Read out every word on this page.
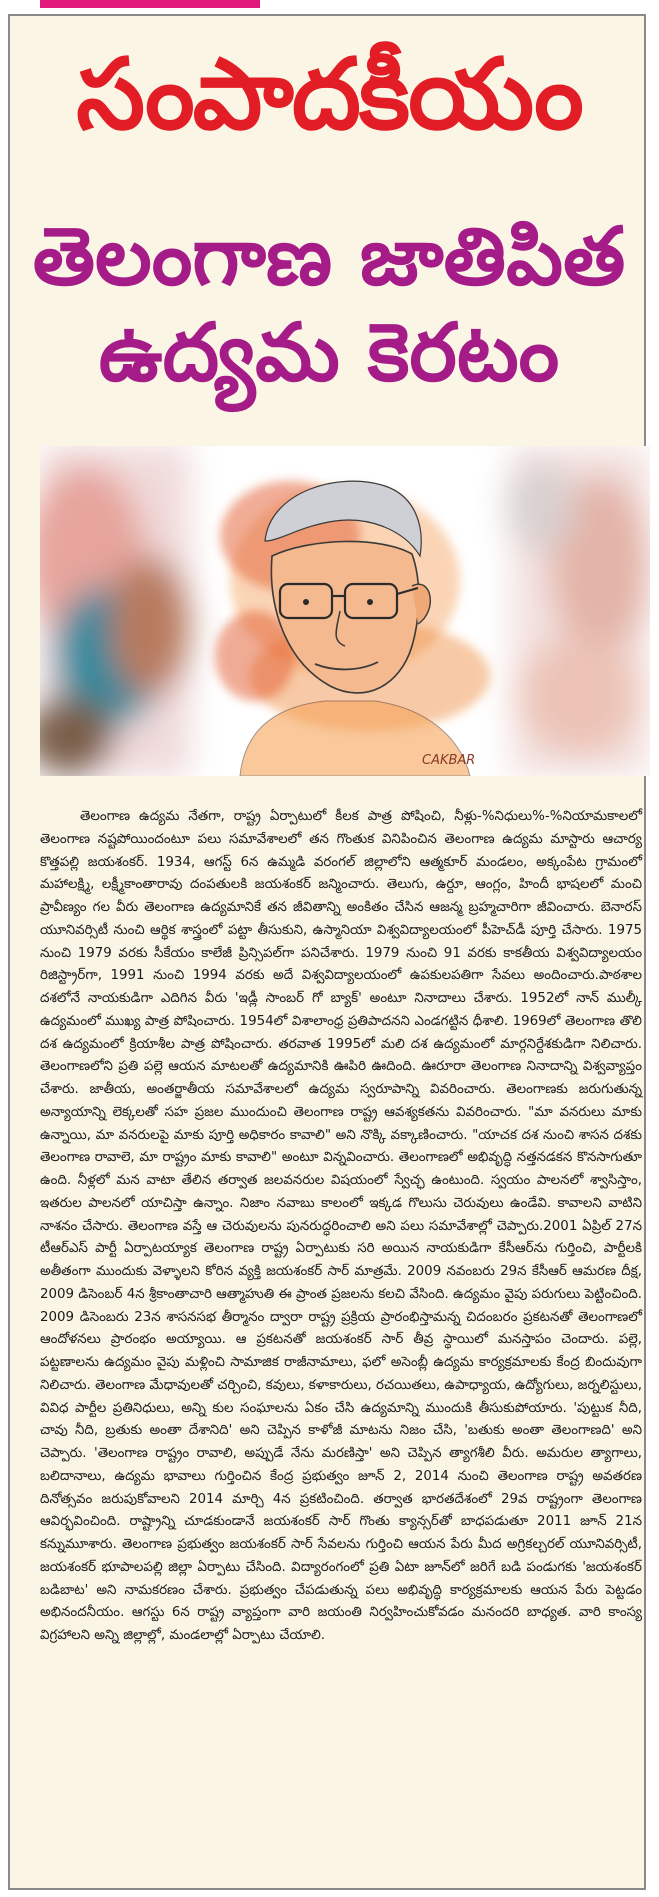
సంపాదకీయం
తెలంగాణ జాతిపిత
ఉద్యమ కెరటం
CAKBAR

తెలంగాణ ఉద్యమ నేతగా, రాష్ట్ర ఏర్పాటులో కీలక పాత్ర పోషించి, నీళ్లు-%నిధులు%-%నియామకాలలో తెలంగాణ నష్టపోయిందంటూ పలు సమావేశాలలో తన గొంతుక వినిపించిన తెలంగాణ ఉద్యమ మాస్టారు ఆచార్య కొత్తపల్లి జయశంకర్. 1934, ఆగస్ట్ 6న ఉమ్మడి వరంగల్ జిల్లాలోని ఆత్మకూర్ మండలం, అక్కంపేట గ్రామంలో మహాలక్ష్మి, లక్ష్మీకాంతారావు దంపతులకి జయశంకర్ జన్మించారు. తెలుగు, ఉర్దూ, ఆంగ్లం, హిందీ భాషలలో మంచి ప్రావీణ్యం గల వీరు తెలంగాణ ఉద్యమానికే తన జీవితాన్ని అంకితం చేసిన ఆజన్మ బ్రహ్మచారిగా జీవించారు. బెనారస్ యూనివర్సిటీ నుంచి ఆర్థిక శాస్త్రంలో పట్టా తీసుకుని, ఉస్మానియా విశ్వవిద్యాలయంలో పీహెచ్‌డీ పూర్తి చేసారు. 1975 నుంచి 1979 వరకు సీకేయం కాలేజీ ప్రిన్సిపల్‌గా పనిచేశారు. 1979 నుంచి 91 వరకు కాకతీయ విశ్వవిద్యాలయం రిజిస్ట్రార్‌గా, 1991 నుంచి 1994 వరకు అదే విశ్వవిద్యాలయంలో ఉపకులపతిగా సేవలు అందించారు.పాఠశాల దశలోనే నాయకుడిగా ఎదిగిన వీరు 'ఇడ్లీ సాంబర్ గో బ్యాక్' అంటూ నినాదాలు చేశారు. 1952లో నాన్ ముల్కీ ఉద్యమంలో ముఖ్య పాత్ర పోషించారు. 1954లో విశాలాంధ్ర ప్రతిపాదనని ఎండగట్టిన ధీశాలి. 1969లో తెలంగాణ తొలి దశ ఉద్యమంలో క్రియాశీల పాత్ర పోషించారు. తరవాత 1995లో మలి దశ ఉద్యమంలో మార్గనిర్దేశకుడిగా నిలిచారు. తెలంగాణలోని ప్రతి పల్లె ఆయన మాటలతో ఉద్యమానికి ఊపిరి ఊదింది. ఊరూరా తెలంగాణ నినాదాన్ని విశ్వవ్యాప్తం చేశారు. జాతీయ, అంతర్జాతీయ సమావేశాలలో ఉద్యమ స్వరూపాన్ని వివరించారు. తెలంగాణకు జరుగుతున్న అన్యాయాన్ని లెక్కలతో సహ ప్రజల ముందుంచి తెలంగాణ రాష్ట్ర ఆవశ్యకతను వివరించారు. "మా వనరులు మాకు ఉన్నాయి, మా వనరులపై మాకు పూర్తి అధికారం కావాలి" అని నొక్కి వక్కాణించారు. "యాచక దశ నుంచి శాసన దశకు తెలంగాణ రావాలె, మా రాష్ట్రం మాకు కావాలి" అంటూ విన్నవించారు. తెలంగాణలో అభివృద్ధి నత్తనడకన కొనసాగుతూ ఉంది. నీళ్లలో మన వాటా తేలిన తర్వాత జలవనరుల విషయంలో స్వేచ్ఛ ఉంటుంది. స్వయం పాలనలో శ్వాసిస్తాం, ఇతరుల పాలనలో యాచిస్తా ఉన్నాం. నిజాం నవాబు కాలంలో ఇక్కడ గొలుసు చెరువులు ఉండేవి. కావాలని వాటిని నాశనం చేసారు. తెలంగాణ వస్తే ఆ చెరువులను పునరుద్ధరించాలి అని పలు సమావేశాల్లో చెప్పారు.2001 ఏప్రిల్ 27న టీఆర్ఎస్ పార్టీ ఏర్పాటయ్యాక తెలంగాణ రాష్ట్ర ఏర్పాటుకు సరి అయిన నాయకుడిగా కేసీఆర్‌ను గుర్తించి, పార్టీలకి అతీతంగా ముందుకు వెళ్ళాలని కోరిన వ్యక్తి జయశంకర్ సార్ మాత్రమే. 2009 నవంబరు 29న కేసీఆర్ ఆమరణ దీక్ష, 2009 డిసెంబర్ 4న శ్రీకాంతాచారి ఆత్మాహుతి ఈ ప్రాంత ప్రజలను కలచి వేసింది. ఉద్యమం వైపు పరుగులు పెట్టించింది. 2009 డిసెంబరు 23న శాసనసభ తీర్మానం ద్వారా రాష్ట్ర ప్రక్రియ ప్రారంభిస్తామన్న చిదంబరం ప్రకటనతో తెలంగాణలో ఆందోళనలు ప్రారంభం అయ్యాయి. ఆ ప్రకటనతో జయశంకర్ సార్ తీవ్ర స్థాయిలో మనస్తాపం చెందారు. పల్లె, పట్టణాలను ఉద్యమం వైపు మళ్లించి సామాజిక రాజీనామాలు, ఫలో అసెంబ్లీ ఉద్యమ కార్యక్రమాలకు కేంద్ర బిందువుగా నిలిచారు. తెలంగాణ మేధావులతో చర్చించి, కవులు, కళాకారులు, రచయితలు, ఉపాధ్యాయ, ఉద్యోగులు, జర్నలిస్టులు, వివిధ పార్టీల ప్రతినిధులు, అన్ని కుల సంఘాలను ఏకం చేసి ఉద్యమాన్ని ముందుకి తీసుకుపోయారు. 'పుట్టుక నీది, చావు నీది, బ్రతుకు అంతా దేశానిది' అని చెప్పిన కాళోజీ మాటను నిజం చేసి, 'బతుకు అంతా తెలంగాణది' అని చెప్పారు. 'తెలంగాణ రాష్ట్రం రావాలి, అప్పుడే నేను మరణిస్తా' అని చెప్పిన త్యాగశీలి వీరు. అమరుల త్యాగాలు, బలిదానాలు, ఉద్యమ భావాలు గుర్తించిన కేంద్ర ప్రభుత్వం జూన్ 2, 2014 నుంచి తెలంగాణ రాష్ట్ర అవతరణ దినోత్సవం జరుపుకోవాలని 2014 మార్చి 4న ప్రకటించింది. తర్వాత భారతదేశంలో 29వ రాష్ట్రంగా తెలంగాణ ఆవిర్భవించింది. రాష్ట్రాన్ని చూడకుండానే జయశంకర్ సార్ గొంతు క్యాన్సర్‌తో బాధపడుతూ 2011 జూన్ 21న కన్నుమూశారు. తెలంగాణ ప్రభుత్వం జయశంకర్ సార్ సేవలను గుర్తించి ఆయన పేరు మీద అగ్రికల్చరల్ యూనివర్సిటీ, జయశంకర్ భూపాలపల్లి జిల్లా ఏర్పాటు చేసింది. విద్యారంగంలో ప్రతి ఏటా జూన్‌లో జరిగే బడి పండుగకు 'జయశంకర్ బడిబాట' అని నామకరణం చేశారు. ప్రభుత్వం చేపడుతున్న పలు అభివృద్ధి కార్యక్రమాలకు ఆయన పేరు పెట్టడం అభినందనీయం. ఆగస్టు 6న రాష్ట్ర వ్యాప్తంగా వారి జయంతి నిర్వహించుకోవడం మనందరి బాధ్యత. వారి కాంస్య విగ్రహాలని అన్ని జిల్లాల్లో, మండలాల్లో ఏర్పాటు చేయాలి.
